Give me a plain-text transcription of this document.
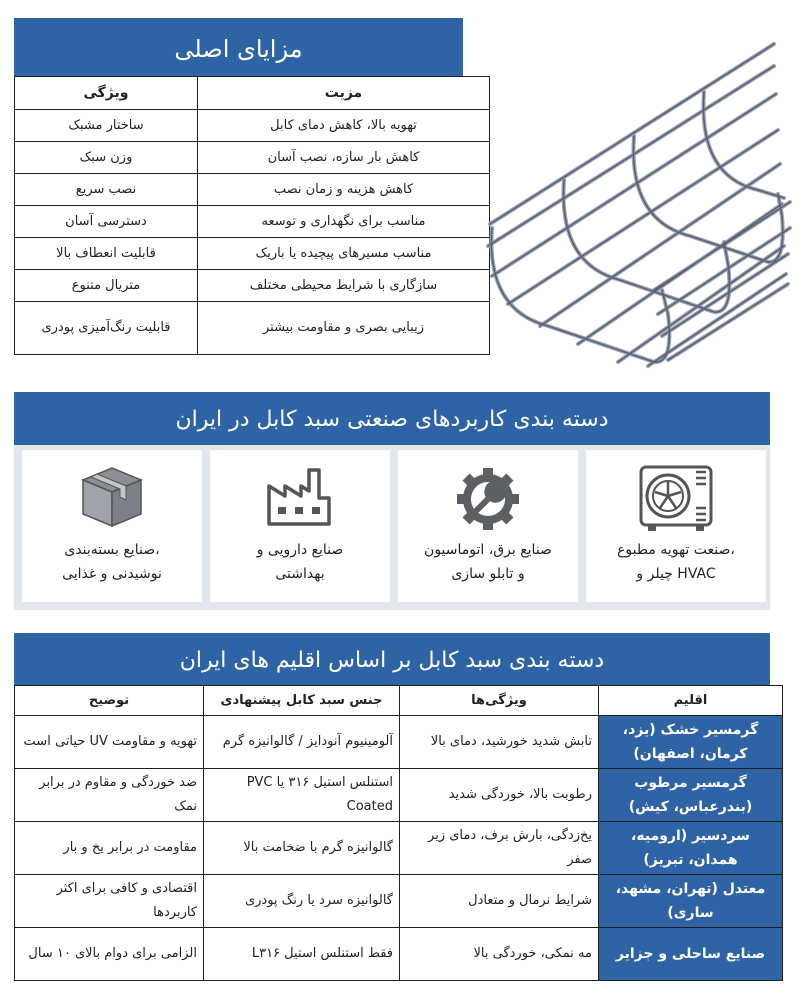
مزایای اصلی
ویژگی	مزیت
ساختار مشبک	تهویه بالا، کاهش دمای کابل
وزن سبک	کاهش بار سازه، نصب آسان
نصب سریع	کاهش هزینه و زمان نصب
دسترسی آسان	مناسب برای نگهداری و توسعه
قابلیت انعطاف بالا	مناسب مسیرهای پیچیده یا باریک
متریال متنوع	سازگاری با شرایط محیطی مختلف
قابلیت رنگ‌آمیزی پودری	زیبایی بصری و مقاومت بیشتر
دسته بندی کاربردهای صنعتی سبد کابل در ایران
صنایع بسته‌بندی،
نوشیدنی و غذایی
صنایع دارویی و
بهداشتی
صنایع برق، اتوماسیون
و تابلو سازی
صنعت تهویه مطبوع،
چیلر و HVAC
دسته بندی سبد کابل بر اساس اقلیم های ایران
توضیح	جنس سبد کابل پیشنهادی	ویژگی‌ها	اقلیم
تهویه و مقاومت UV حیاتی است	آلومینیوم آنودایز / گالوانیزه گرم	تابش شدید خورشید، دمای بالا	گرمسیر خشک (یزد، کرمان، اصفهان)
ضد خوردگی و مقاوم در برابر نمک	استنلس استیل ۳۱۶ یا PVC Coated	رطوبت بالا، خوردگی شدید	گرمسیر مرطوب (بندرعباس، کیش)
مقاومت در برابر یخ و بار	گالوانیزه گرم با ضخامت بالا	یخ‌زدگی، بارش برف، دمای زیر صفر	سردسیر (ارومیه، همدان، تبریز)
اقتصادی و کافی برای اکثر کاربردها	گالوانیزه سرد یا رنگ پودری	شرایط نرمال و متعادل	معتدل (تهران، مشهد، ساری)
الزامی برای دوام بالای ۱۰ سال	فقط استنلس استیل L۳۱۶	مه نمکی، خوردگی بالا	صنایع ساحلی و جزایر
